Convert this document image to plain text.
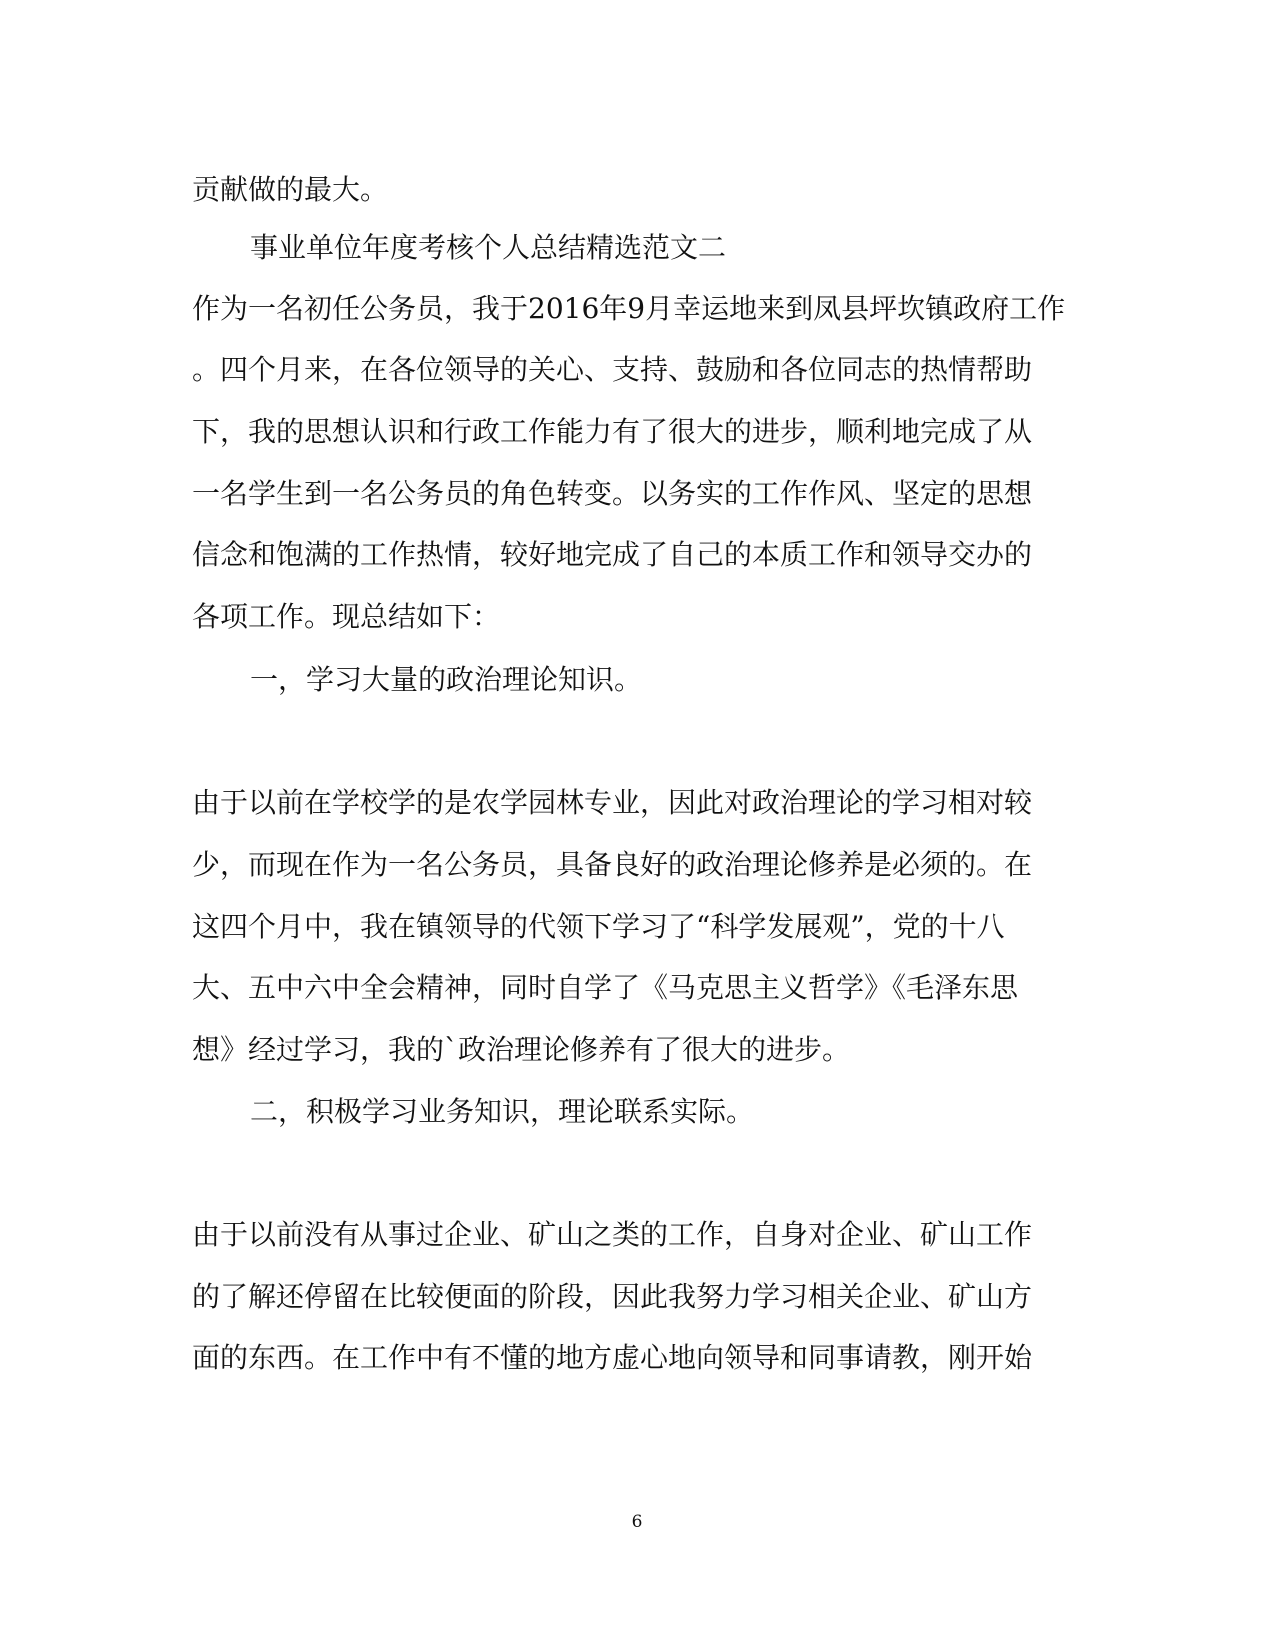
贡献做的最大。
事业单位年度考核个人总结精选范文二
作为一名初任公务员，我于2016年9月幸运地来到凤县坪坎镇政府工作
。四个月来，在各位领导的关心、支持、鼓励和各位同志的热情帮助
下，我的思想认识和行政工作能力有了很大的进步，顺利地完成了从
一名学生到一名公务员的角色转变。以务实的工作作风、坚定的思想
信念和饱满的工作热情，较好地完成了自己的本质工作和领导交办的
各项工作。现总结如下：
一，学习大量的政治理论知识。
由于以前在学校学的是农学园林专业，因此对政治理论的学习相对较
少，而现在作为一名公务员，具备良好的政治理论修养是必须的。在
这四个月中，我在镇领导的代领下学习了“科学发展观”，党的十八
大、五中六中全会精神，同时自学了《马克思主义哲学》《毛泽东思
想》经过学习，我的`政治理论修养有了很大的进步。
二，积极学习业务知识，理论联系实际。
由于以前没有从事过企业、矿山之类的工作，自身对企业、矿山工作
的了解还停留在比较便面的阶段，因此我努力学习相关企业、矿山方
面的东西。在工作中有不懂的地方虚心地向领导和同事请教，刚开始
6
